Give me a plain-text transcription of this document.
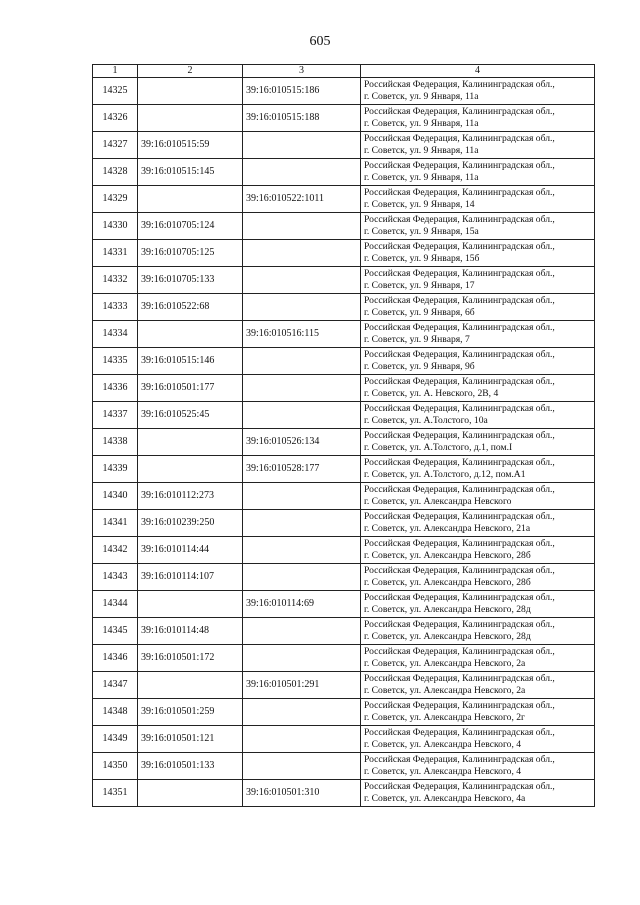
605
1	2	3	4
14325		39:16:010515:186	Российская Федерация, Калининградская обл.,
г. Советск, ул. 9 Января, 11а

14326		39:16:010515:188	Российская Федерация, Калининградская обл.,
г. Советск, ул. 9 Января, 11а

14327	39:16:010515:59		Российская Федерация, Калининградская обл.,
г. Советск, ул. 9 Января, 11а

14328	39:16:010515:145		Российская Федерация, Калининградская обл.,
г. Советск, ул. 9 Января, 11а

14329		39:16:010522:1011	Российская Федерация, Калининградская обл.,
г. Советск, ул. 9 Января, 14

14330	39:16:010705:124		Российская Федерация, Калининградская обл.,
г. Советск, ул. 9 Января, 15а

14331	39:16:010705:125		Российская Федерация, Калининградская обл.,
г. Советск, ул. 9 Января, 15б

14332	39:16:010705:133		Российская Федерация, Калининградская обл.,
г. Советск, ул. 9 Января, 17

14333	39:16:010522:68		Российская Федерация, Калининградская обл.,
г. Советск, ул. 9 Января, 6б

14334		39:16:010516:115	Российская Федерация, Калининградская обл.,
г. Советск, ул. 9 Января, 7

14335	39:16:010515:146		Российская Федерация, Калининградская обл.,
г. Советск, ул. 9 Января, 9б

14336	39:16:010501:177		Российская Федерация, Калининградская обл.,
г. Советск, ул. А. Невского, 2В, 4

14337	39:16:010525:45		Российская Федерация, Калининградская обл.,
г. Советск, ул. А.Толстого, 10а

14338		39:16:010526:134	Российская Федерация, Калининградская обл.,
г. Советск, ул. А.Толстого, д.1, пом.I

14339		39:16:010528:177	Российская Федерация, Калининградская обл.,
г. Советск, ул. А.Толстого, д.12, пом.А1

14340	39:16:010112:273		Российская Федерация, Калининградская обл.,
г. Советск, ул. Александра Невского

14341	39:16:010239:250		Российская Федерация, Калининградская обл.,
г. Советск, ул. Александра Невского, 21а

14342	39:16:010114:44		Российская Федерация, Калининградская обл.,
г. Советск, ул. Александра Невского, 28б

14343	39:16:010114:107		Российская Федерация, Калининградская обл.,
г. Советск, ул. Александра Невского, 28б

14344		39:16:010114:69	Российская Федерация, Калининградская обл.,
г. Советск, ул. Александра Невского, 28д

14345	39:16:010114:48		Российская Федерация, Калининградская обл.,
г. Советск, ул. Александра Невского, 28д

14346	39:16:010501:172		Российская Федерация, Калининградская обл.,
г. Советск, ул. Александра Невского, 2а

14347		39:16:010501:291	Российская Федерация, Калининградская обл.,
г. Советск, ул. Александра Невского, 2а

14348	39:16:010501:259		Российская Федерация, Калининградская обл.,
г. Советск, ул. Александра Невского, 2г

14349	39:16:010501:121		Российская Федерация, Калининградская обл.,
г. Советск, ул. Александра Невского, 4

14350	39:16:010501:133		Российская Федерация, Калининградская обл.,
г. Советск, ул. Александра Невского, 4

14351		39:16:010501:310	Российская Федерация, Калининградская обл.,
г. Советск, ул. Александра Невского, 4а
